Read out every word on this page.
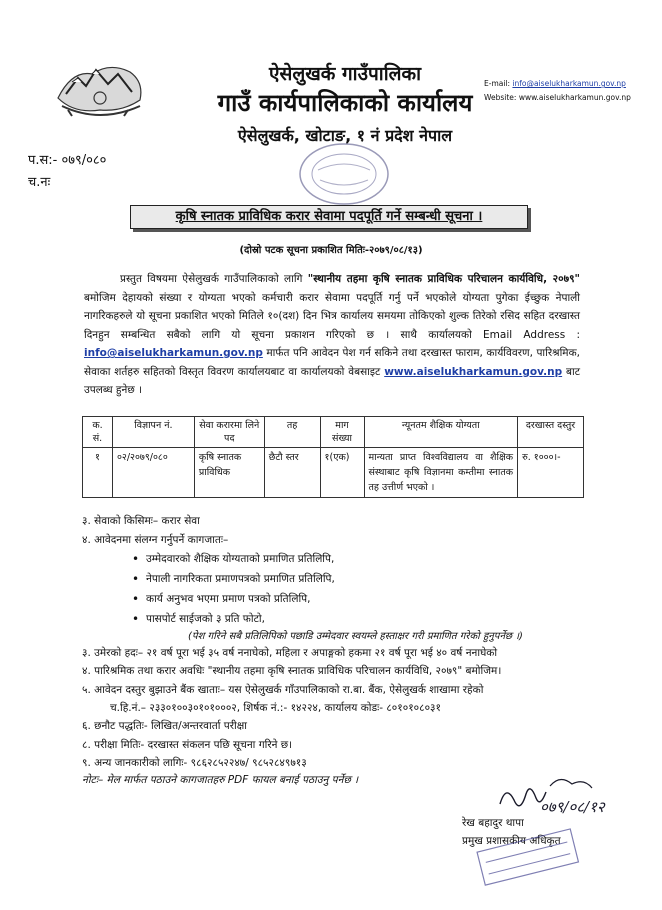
ऐसेलुखर्क गाउँपालिका
गाउँ कार्यपालिकाको कार्यालय
ऐसेलुखर्क, खोटाङ, १ नं प्रदेश नेपाल
E-mail: info@aiselukharkamun.gov.np
Website: www.aiselukharkamun.gov.np
प.स:- ०७९/०८०
च.नः
कृषि स्नातक प्राविधिक करार सेवामा पदपूर्ति गर्ने सम्बन्धी सूचना ।
(दोस्रो पटक सूचना प्रकाशित मितिः-२०७९/०८/१३)
प्रस्तुत विषयमा ऐसेलुखर्क गाउँपालिकाको लागि "स्थानीय तहमा कृषि स्नातक प्राविधिक परिचालन कार्यविधि, २०७९" बमोजिम देहायको संख्या र योग्यता भएको कर्मचारी करार सेवामा पदपूर्ति गर्नु पर्ने भएकोले योग्यता पुगेका ईच्छुक नेपाली नागरिकहरुले यो सूचना प्रकाशित भएको मितिले १०(दश) दिन भित्र कार्यालय समयमा तोकिएको शुल्क तिरेको रसिद सहित दरखास्त दिनहुन सम्बन्धित सबैको लागि यो सूचना प्रकाशन गरिएको छ । साथै कार्यालयको Email Address : info@aiselukharkamun.gov.np मार्फत पनि आवेदन पेश गर्न सकिने तथा दरखास्त फाराम, कार्यविवरण, पारिश्रमिक, सेवाका शर्तहरु सहितको विस्तृत विवरण कार्यालयबाट वा कार्यालयको वेबसाइट www.aiselukharkamun.gov.np बाट उपलब्ध हुनेछ ।
क. सं.	विज्ञापन नं.	सेवा करारमा लिने पद	तह	माग संख्या	न्यूनतम शैक्षिक योग्यता	दरखास्त दस्तुर
१	०२/२०७९/०८०	कृषि स्नातक प्राविधिक	छैटौ स्तर	१(एक)	मान्यता प्राप्त विश्वविद्यालय वा शैक्षिक संस्थाबाट कृषि विज्ञानमा कम्तीमा स्नातक तह उत्तीर्ण भएको ।	रु. १०००।-
३. सेवाको किसिमः– करार सेवा
४. आवेदनमा संलग्न गर्नुपर्ने कागजातः–
• उम्मेदवारको शैक्षिक योग्यताको प्रमाणित प्रतिलिपि,
• नेपाली नागरिकता प्रमाणपत्रको प्रमाणित प्रतिलिपि,
• कार्य अनुभव भएमा प्रमाण पत्रको प्रतिलिपि,
• पासपोर्ट साईजको ३ प्रति फोटो,
(पेश गरिने सबै प्रतिलिपिको पछाडि उम्मेदवार स्वयम्ले हस्ताक्षर गरी प्रमाणित गरेको हुनुपर्नेछ ।)
३. उमेरको हदः– २१ वर्ष पूरा भई ३५ वर्ष ननाघेको, महिला र अपाङ्गको हकमा २१ वर्ष पूरा भई ४० वर्ष ननाघेको
४. पारिश्रमिक तथा करार अवधिः "स्थानीय तहमा कृषि स्नातक प्राविधिक परिचालन कार्यविधि, २०७९" बमोजिम।
५. आवेदन दस्तुर बुझाउने बैंक खाताः– यस ऐसेलुखर्क गाँउपालिकाको रा.बा. बैंक, ऐसेलुखर्क शाखामा रहेको
च.हि.नं.– २३३०१००३०१०१०००२, शिर्षक नं.:- १४२२४, कार्यालय कोडः- ८०१०१०८०३१
६. छनौट पद्धतिः- लिखित/अन्तरवार्ता परीक्षा
८. परीक्षा मितिः- दरखास्त संकलन पछि सूचना गरिने छ।
९. अन्य जानकारीको लागिः- ९८६२८५२२४७/ ९८५२८४९७१३
नोटः– मेल मार्फत पठाउने कागजातहरु PDF फायल बनाई पठाउनु पर्नेछ ।
०७९/०८/१२
रेख बहादुर थापा
प्रमुख प्रशासकीय अधिकृत
